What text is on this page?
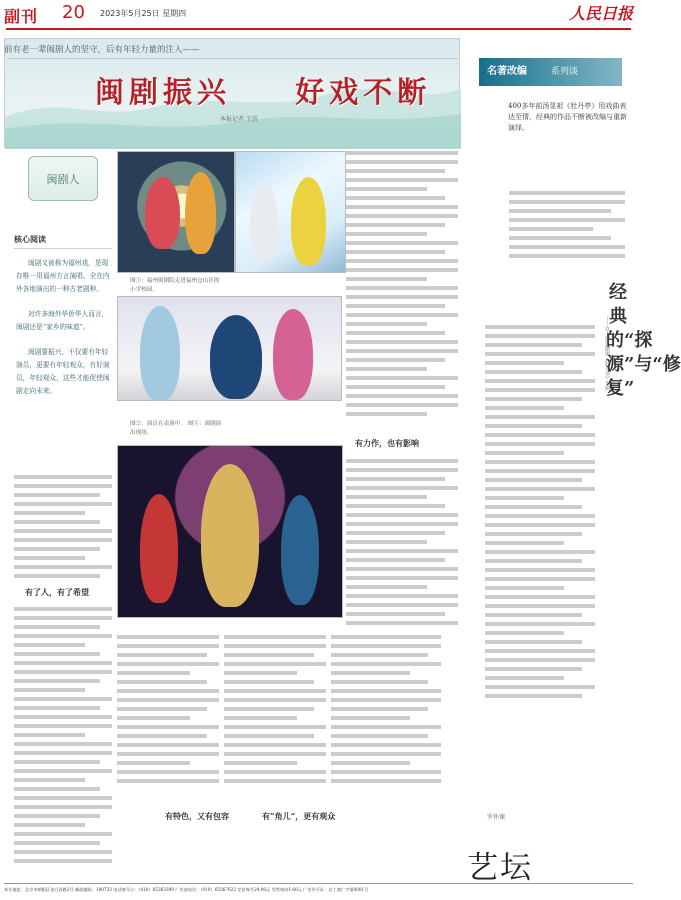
副刊 20 2023年5月25日 星期四	人民日报
前有老一辈闽剧人的坚守，后有年轻力量的注入——
闽剧振兴 　 好戏不断
本报记者 王崇
闽剧人
核心阅读

闽剧又被称为福州戏，是现存唯一用福州方言演唱、全在内外各地演出的一种古老剧种。

对许多海外华侨华人而言，闽剧还是“家乡的味道”。

闽剧要振兴，不仅要有年轻演员，更要有年轻观众，有好演员，年轻观众，这些才能促使闽剧走向未来。

图①：福州闽剧院走进福州仓山区的小学校园。
图②：演员在表演中。 图③：闽剧演出现场。
有力作，也有影响
有了人，有了希望
有特色，又有包容	有“角儿”，更有观众
名著改编	系列谈
400多年前汤显祖《牡丹亭》用戏曲表达至情，经典的作品不断被改编与重新演绎。
经典的“探源”与“修复”
——以上海昆剧团《牡丹亭》为例
罗怀臻
艺坛
本社地址：北京市朝阳区金台西路2号 邮政编码：100733 电话查号台：（010）65363399 广告部电话：（010）65367622 定价每月24.00元 零售每份1.60元 广告许可证：京工商广字第0001号
